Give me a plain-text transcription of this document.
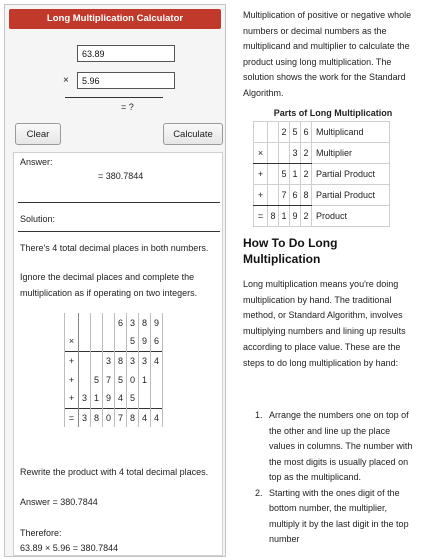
Long Multiplication Calculator
63.89
×
5.96
= ?
Clear	Calculate
Answer:
= 380.7844
Solution:
There's 4 total decimal places in both numbers.
Ignore the decimal places and complete the multiplication as if operating on two integers.
				6	3	8	9
×					5	9	6
+			3	8	3	3	4
+		5	7	5	0	1	
+	3	1	9	4	5		
=	3	8	0	7	8	4	4
Rewrite the product with 4 total decimal places.
Answer = 380.7844
Therefore:
63.89 × 5.96 = 380.7844
Multiplication of positive or negative whole numbers or decimal numbers as the multiplicand and multiplier to calculate the product using long multiplication. The solution shows the work for the Standard Algorithm.
Parts of Long Multiplication
		2	5	6	Multiplicand
×			3	2	Multiplier
+		5	1	2	Partial Product
+		7	6	8	Partial Product
=	8	1	9	2	Product
How To Do Long Multiplication
Long multiplication means you're doing multiplication by hand. The traditional method, or Standard Algorithm, involves multiplying numbers and lining up results according to place value. These are the steps to do long multiplication by hand:
1. Arrange the numbers one on top of the other and line up the place values in columns. The number with the most digits is usually placed on top as the multiplicand.
2. Starting with the ones digit of the bottom number, the multiplier, multiply it by the last digit in the top number
